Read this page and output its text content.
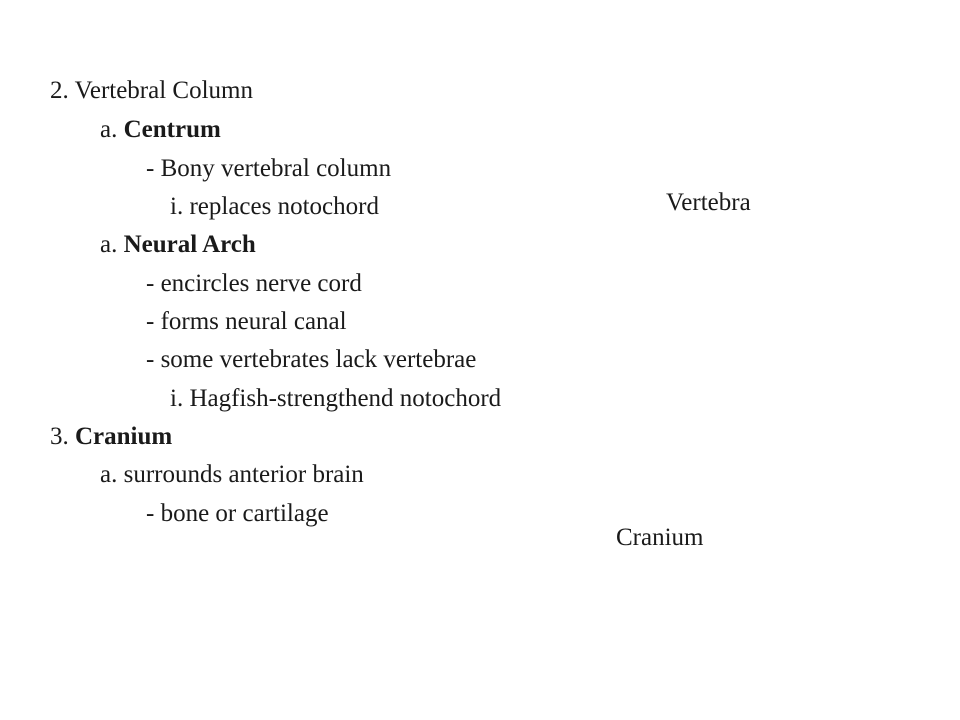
2. Vertebral Column
a. Centrum
- Bony vertebral column
i. replaces notochord
a. Neural Arch
- encircles nerve cord
- forms neural canal
- some vertebrates lack vertebrae
i. Hagfish-strengthend notochord
3. Cranium
a. surrounds anterior brain
- bone or cartilage
Vertebra
Cranium
